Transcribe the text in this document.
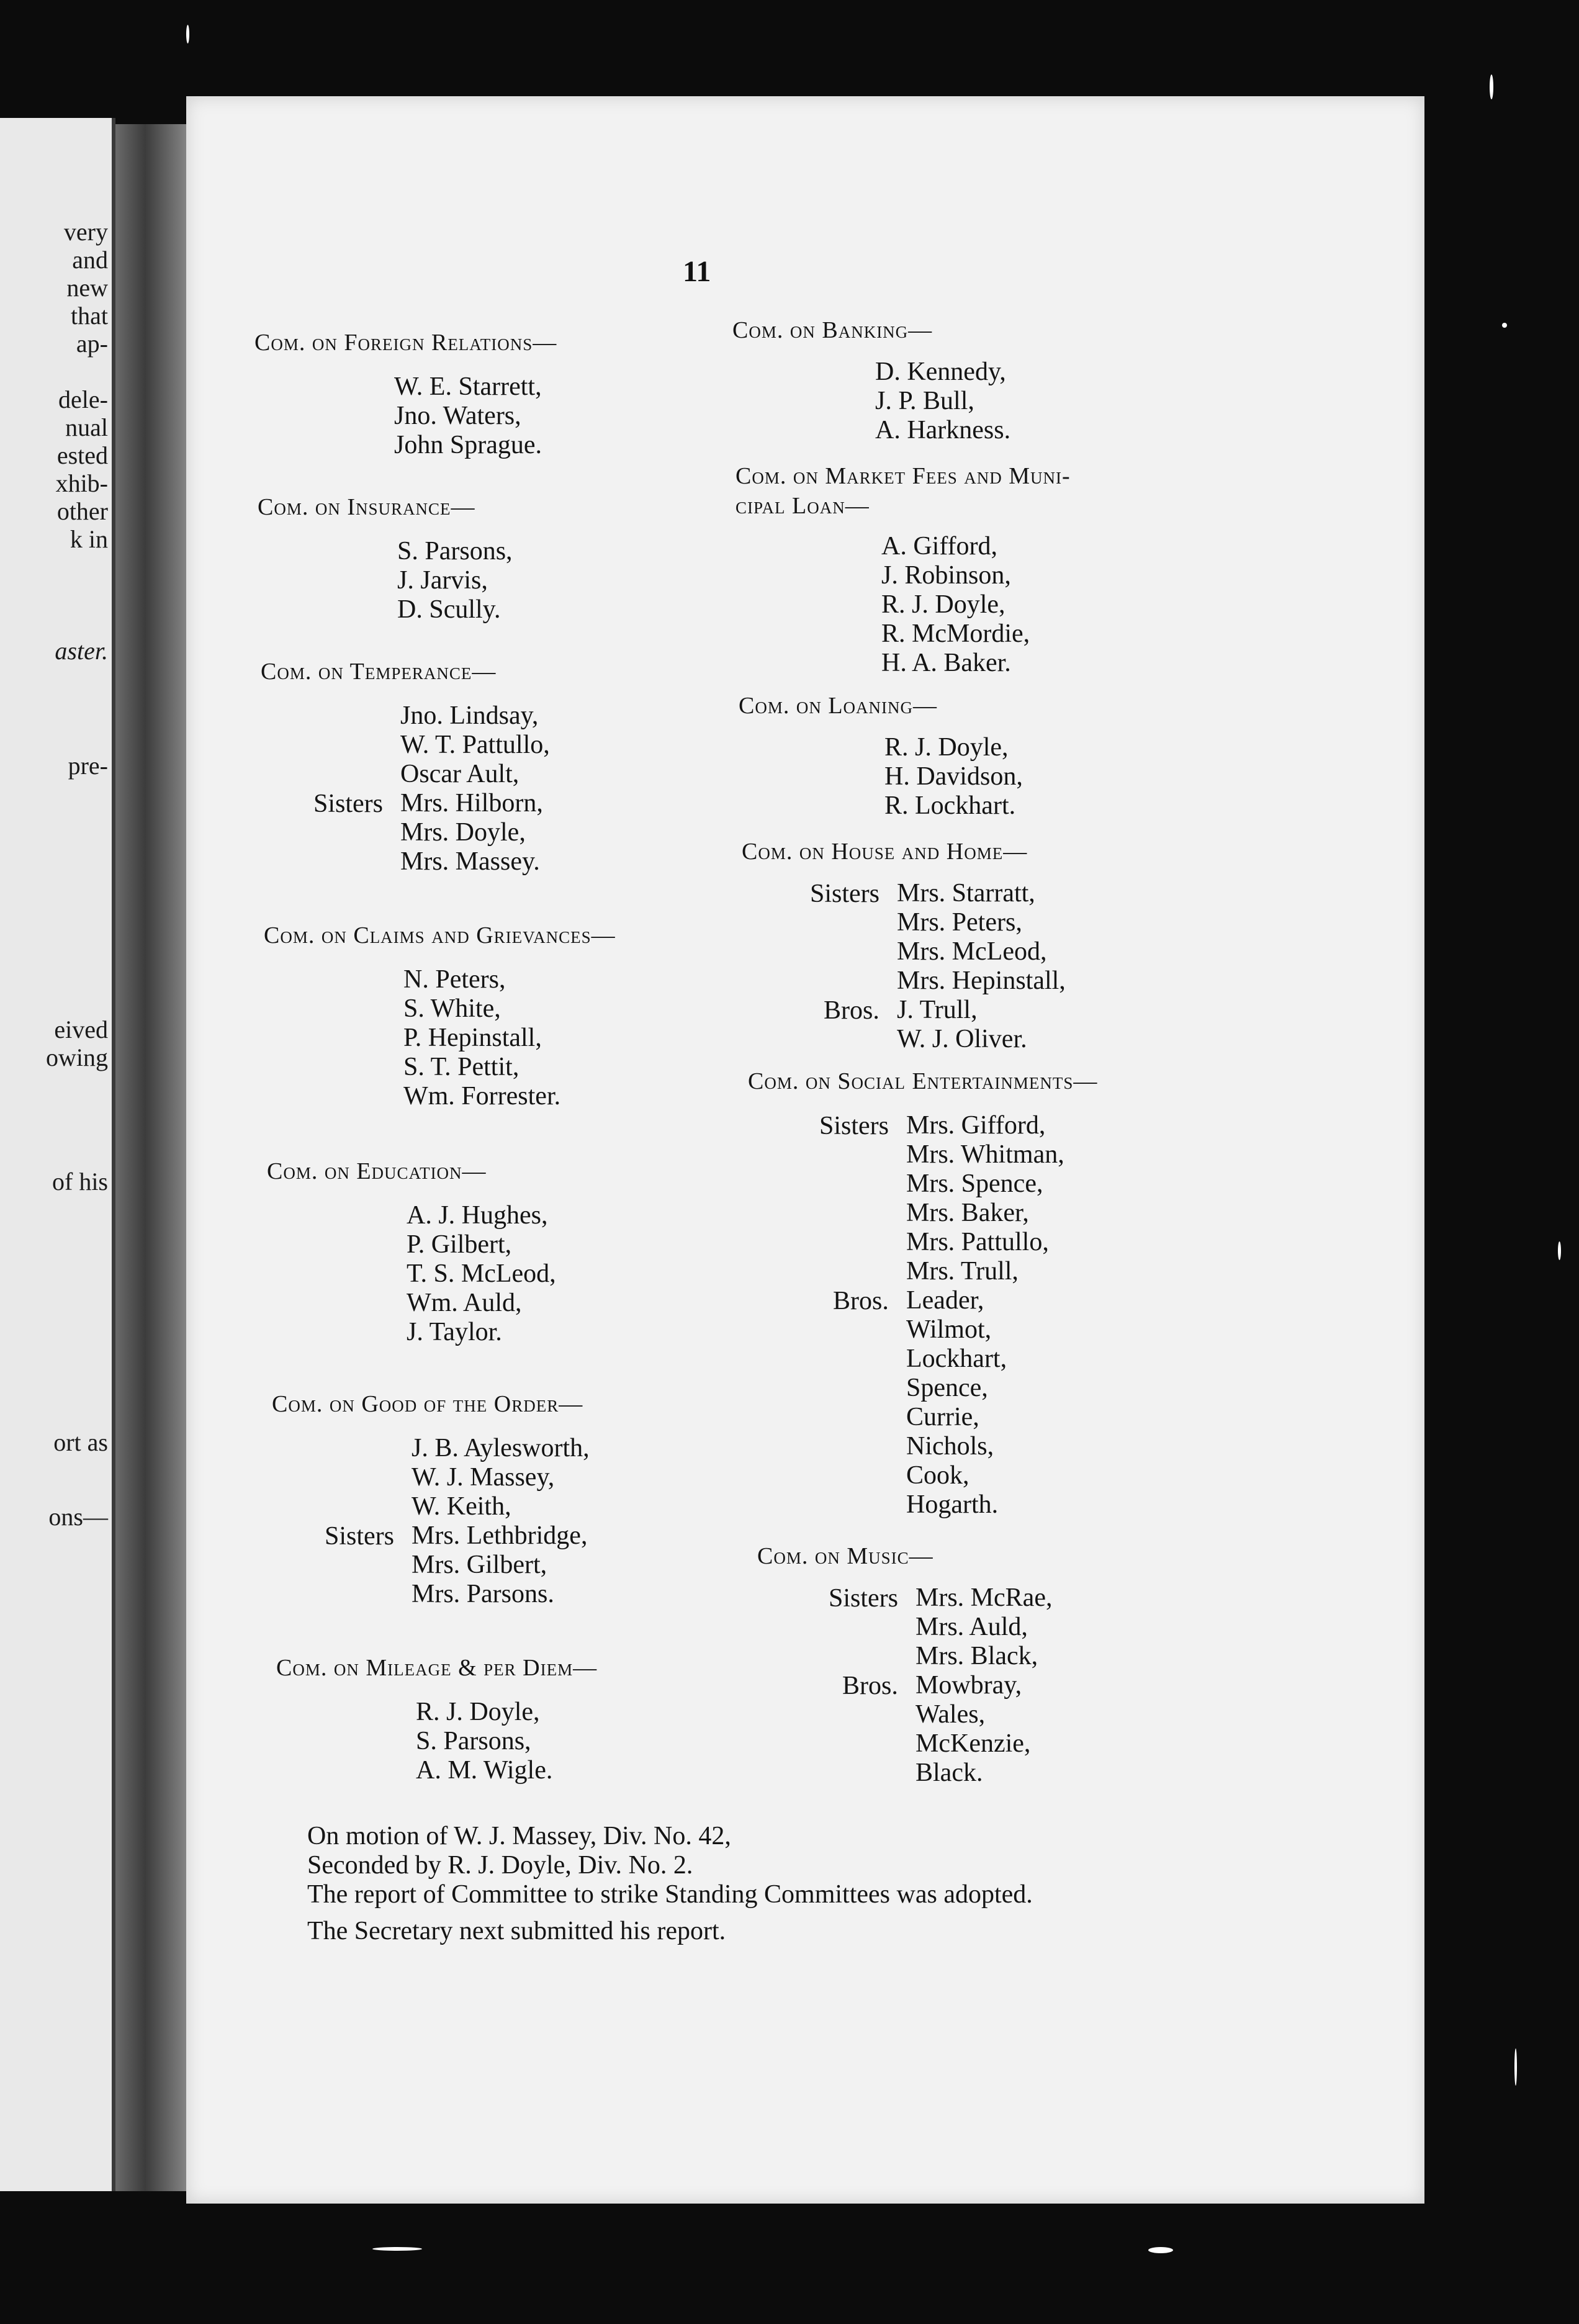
very
and
new
that
ap-
dele-
nual
ested
xhib-
other
k in
aster.
pre-
eived
owing
of his
ort as
ons—
11
Com. on Foreign Relations—
W. E. Starrett,
Jno. Waters,
John Sprague.
Com. on Insurance—
S. Parsons,
J. Jarvis,
D. Scully.
Com. on Temperance—
Jno. Lindsay,
W. T. Pattullo,
Oscar Ault,
Mrs. Hilborn,
Mrs. Doyle,
Mrs. Massey.
Sisters
Com. on Claims and Grievances—
N. Peters,
S. White,
P. Hepinstall,
S. T. Pettit,
Wm. Forrester.
Com. on Education—
A. J. Hughes,
P. Gilbert,
T. S. McLeod,
Wm. Auld,
J. Taylor.
Com. on Good of the Order—
J. B. Aylesworth,
W. J. Massey,
W. Keith,
Mrs. Lethbridge,
Mrs. Gilbert,
Mrs. Parsons.
Sisters
Com. on Mileage & per Diem—
R. J. Doyle,
S. Parsons,
A. M. Wigle.
Com. on Banking—
D. Kennedy,
J. P. Bull,
A. Harkness.
Com. on Market Fees and Muni-
cipal Loan—
A. Gifford,
J. Robinson,
R. J. Doyle,
R. McMordie,
H. A. Baker.
Com. on Loaning—
R. J. Doyle,
H. Davidson,
R. Lockhart.
Com. on House and Home—
Mrs. Starratt,
Mrs. Peters,
Mrs. McLeod,
Mrs. Hepinstall,
J. Trull,
W. J. Oliver.
Sisters
Bros.
Com. on Social Entertainments—
Mrs. Gifford,
Mrs. Whitman,
Mrs. Spence,
Mrs. Baker,
Mrs. Pattullo,
Mrs. Trull,
Leader,
Wilmot,
Lockhart,
Spence,
Currie,
Nichols,
Cook,
Hogarth.
Sisters
Bros.
Com. on Music—
Mrs. McRae,
Mrs. Auld,
Mrs. Black,
Mowbray,
Wales,
McKenzie,
Black.
Sisters
Bros.
On motion of W. J. Massey, Div. No. 42,
Seconded by R. J. Doyle, Div. No. 2.
The report of Committee to strike Standing Committees was adopted.
The Secretary next submitted his report.
